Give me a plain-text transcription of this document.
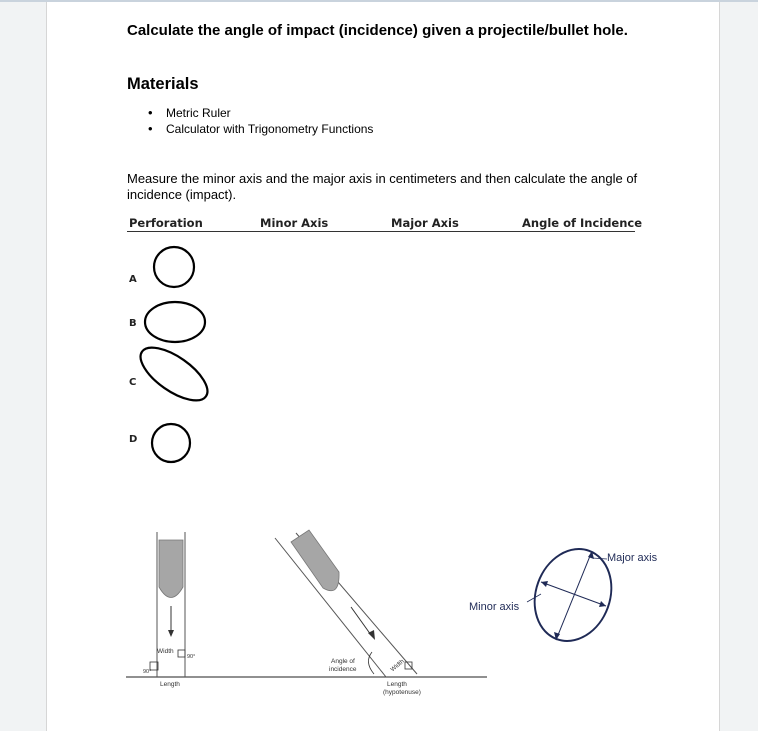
Calculate the angle of impact (incidence) given a projectile/bullet hole.
Materials
• Metric Ruler
• Calculator with Trigonometry Functions
Measure the minor axis and the major axis in centimeters and then calculate the angle of incidence (impact).
Perforation	Minor Axis	Major Axis	Angle of Incidence
A
B
C
D
Width
90°
90°
Length
Angle of
incidence	Width
Length
(hypotenuse)
Major axis
Minor axis
